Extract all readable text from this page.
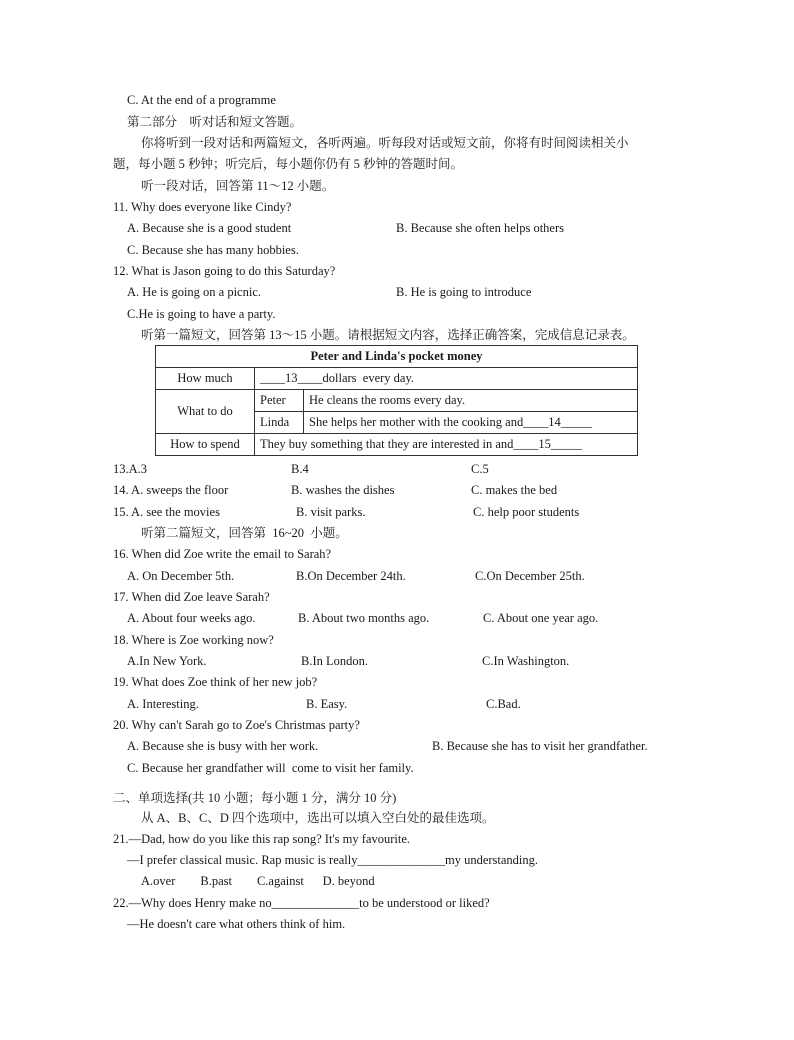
C. At the end of a programme
第二部分　听对话和短文答题。
你将听到一段对话和两篇短文，各听两遍。听每段对话或短文前，你将有时间阅读相关小
题，每小题 5 秒钟；听完后，每小题你仍有 5 秒钟的答题时间。
听一段对话，回答第 11～12 小题。
11. Why does everyone like Cindy?
A. Because she is a good student	B. Because she often helps others
C. Because she has many hobbies.
12. What is Jason going to do this Saturday?
A. He is going on a picnic.	B. He is going to introduce
C.He is going to have a party.
听第一篇短文，回答第 13～15 小题。请根据短文内容，选择正确答案，完成信息记录表。
Peter and Linda's pocket money		
How much	____13____dollars  every day.	
What to do	Peter	He cleans the rooms every day.
	Linda	She helps her mother with the cooking and____14_____
How to spend	They buy something that they are interested in and____15_____	
13.A.3	B.4	C.5
14. A. sweeps the floor	B. washes the dishes	C. makes the bed
15. A. see the movies	B. visit parks.	C. help poor students
听第二篇短文，回答第  16~20  小题。
16. When did Zoe write the email to Sarah?
A. On December 5th.	B.On December 24th.	C.On December 25th.
17. When did Zoe leave Sarah?
A. About four weeks ago.	B. About two months ago.	C. About one year ago.
18. Where is Zoe working now?
A.In New York.	B.In London.	C.In Washington.
19. What does Zoe think of her new job?
A. Interesting.	B. Easy.	C.Bad.
20. Why can't Sarah go to Zoe's Christmas party?
A. Because she is busy with her work.	B. Because she has to visit her grandfather.
C. Because her grandfather will  come to visit her family.
二、单项选择(共 10 小题；每小题 1 分，满分 10 分)
从 A、B、C、D 四个选项中，选出可以填入空白处的最佳选项。
21.—Dad, how do you like this rap song? It's my favourite.
—I prefer classical music. Rap music is really______________my understanding.
A.over        B.past        C.against      D. beyond
22.—Why does Henry make no______________to be understood or liked?
—He doesn't care what others think of him.
